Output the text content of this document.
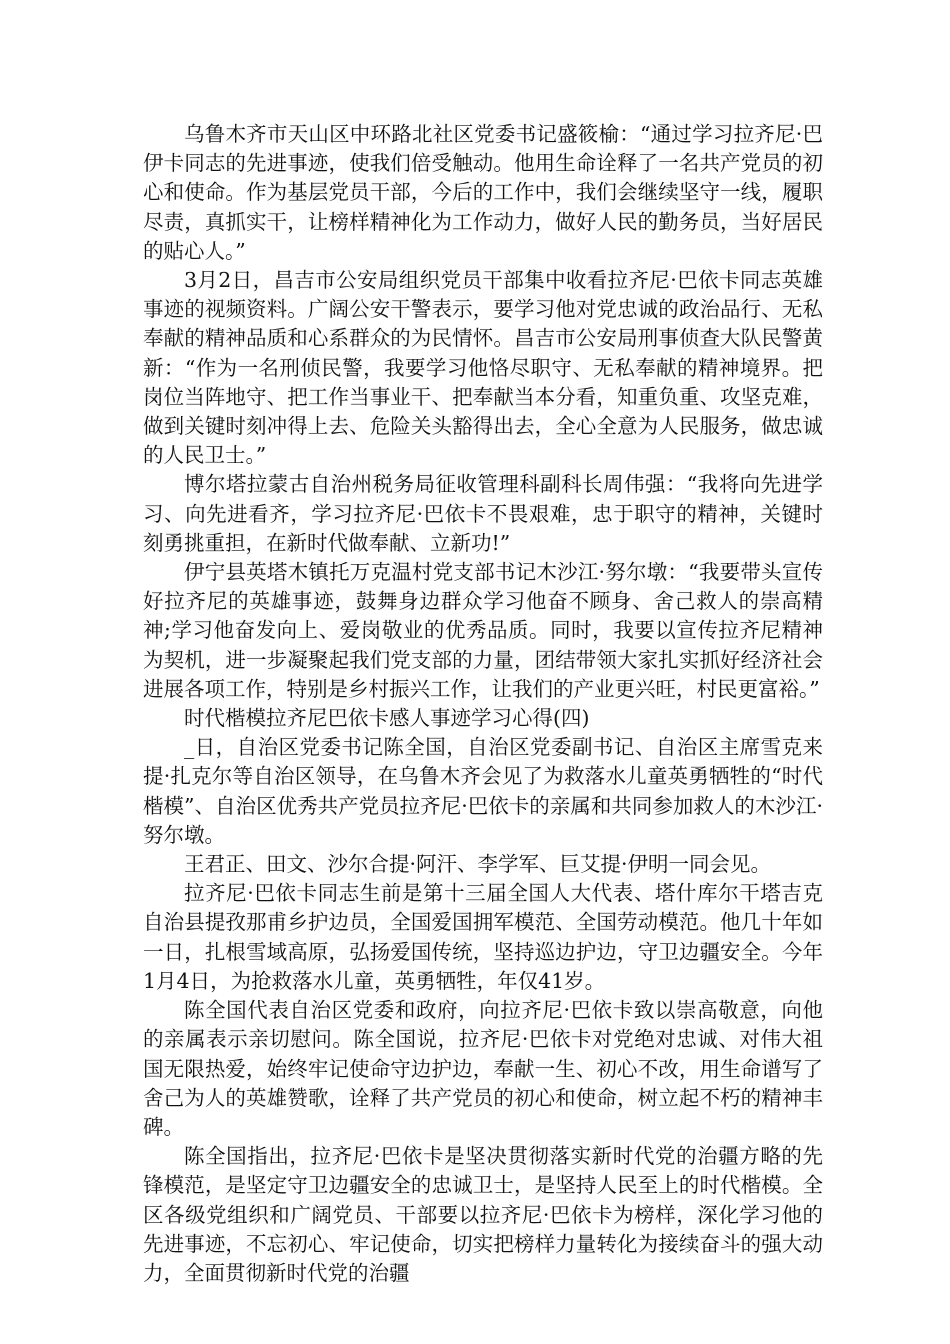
乌鲁木齐市天山区中环路北社区党委书记盛筱榆：“通过学习拉齐尼·巴伊卡同志的先进事迹，使我们倍受触动。他用生命诠释了一名共产党员的初心和使命。作为基层党员干部，今后的工作中，我们会继续坚守一线，履职尽责，真抓实干，让榜样精神化为工作动力，做好人民的勤务员，当好居民的贴心人。”

3月2日，昌吉市公安局组织党员干部集中收看拉齐尼·巴依卡同志英雄事迹的视频资料。广阔公安干警表示，要学习他对党忠诚的政治品行、无私奉献的精神品质和心系群众的为民情怀。昌吉市公安局刑事侦查大队民警黄新：“作为一名刑侦民警，我要学习他恪尽职守、无私奉献的精神境界。把岗位当阵地守、把工作当事业干、把奉献当本分看，知重负重、攻坚克难，做到关键时刻冲得上去、危险关头豁得出去，全心全意为人民服务，做忠诚的人民卫士。”

博尔塔拉蒙古自治州税务局征收管理科副科长周伟强：“我将向先进学习、向先进看齐，学习拉齐尼·巴依卡不畏艰难，忠于职守的精神，关键时刻勇挑重担，在新时代做奉献、立新功!”

伊宁县英塔木镇托万克温村党支部书记木沙江·努尔墩：“我要带头宣传好拉齐尼的英雄事迹，鼓舞身边群众学习他奋不顾身、舍己救人的崇高精神;学习他奋发向上、爱岗敬业的优秀品质。同时，我要以宣传拉齐尼精神为契机，进一步凝聚起我们党支部的力量，团结带领大家扎实抓好经济社会进展各项工作，特别是乡村振兴工作，让我们的产业更兴旺，村民更富裕。”

时代楷模拉齐尼巴依卡感人事迹学习心得(四)

_日，自治区党委书记陈全国，自治区党委副书记、自治区主席雪克来提·扎克尔等自治区领导，在乌鲁木齐会见了为救落水儿童英勇牺牲的“时代楷模”、自治区优秀共产党员拉齐尼·巴依卡的亲属和共同参加救人的木沙江·努尔墩。

王君正、田文、沙尔合提·阿汗、李学军、巨艾提·伊明一同会见。

拉齐尼·巴依卡同志生前是第十三届全国人大代表、塔什库尔干塔吉克自治县提孜那甫乡护边员，全国爱国拥军模范、全国劳动模范。他几十年如一日，扎根雪域高原，弘扬爱国传统，坚持巡边护边，守卫边疆安全。今年1月4日，为抢救落水儿童，英勇牺牲，年仅41岁。

陈全国代表自治区党委和政府，向拉齐尼·巴依卡致以崇高敬意，向他的亲属表示亲切慰问。陈全国说，拉齐尼·巴依卡对党绝对忠诚、对伟大祖国无限热爱，始终牢记使命守边护边，奉献一生、初心不改，用生命谱写了舍己为人的英雄赞歌，诠释了共产党员的初心和使命，树立起不朽的精神丰碑。

陈全国指出，拉齐尼·巴依卡是坚决贯彻落实新时代党的治疆方略的先锋模范，是坚定守卫边疆安全的忠诚卫士，是坚持人民至上的时代楷模。全区各级党组织和广阔党员、干部要以拉齐尼·巴依卡为榜样，深化学习他的先进事迹，不忘初心、牢记使命，切实把榜样力量转化为接续奋斗的强大动力，全面贯彻新时代党的治疆
